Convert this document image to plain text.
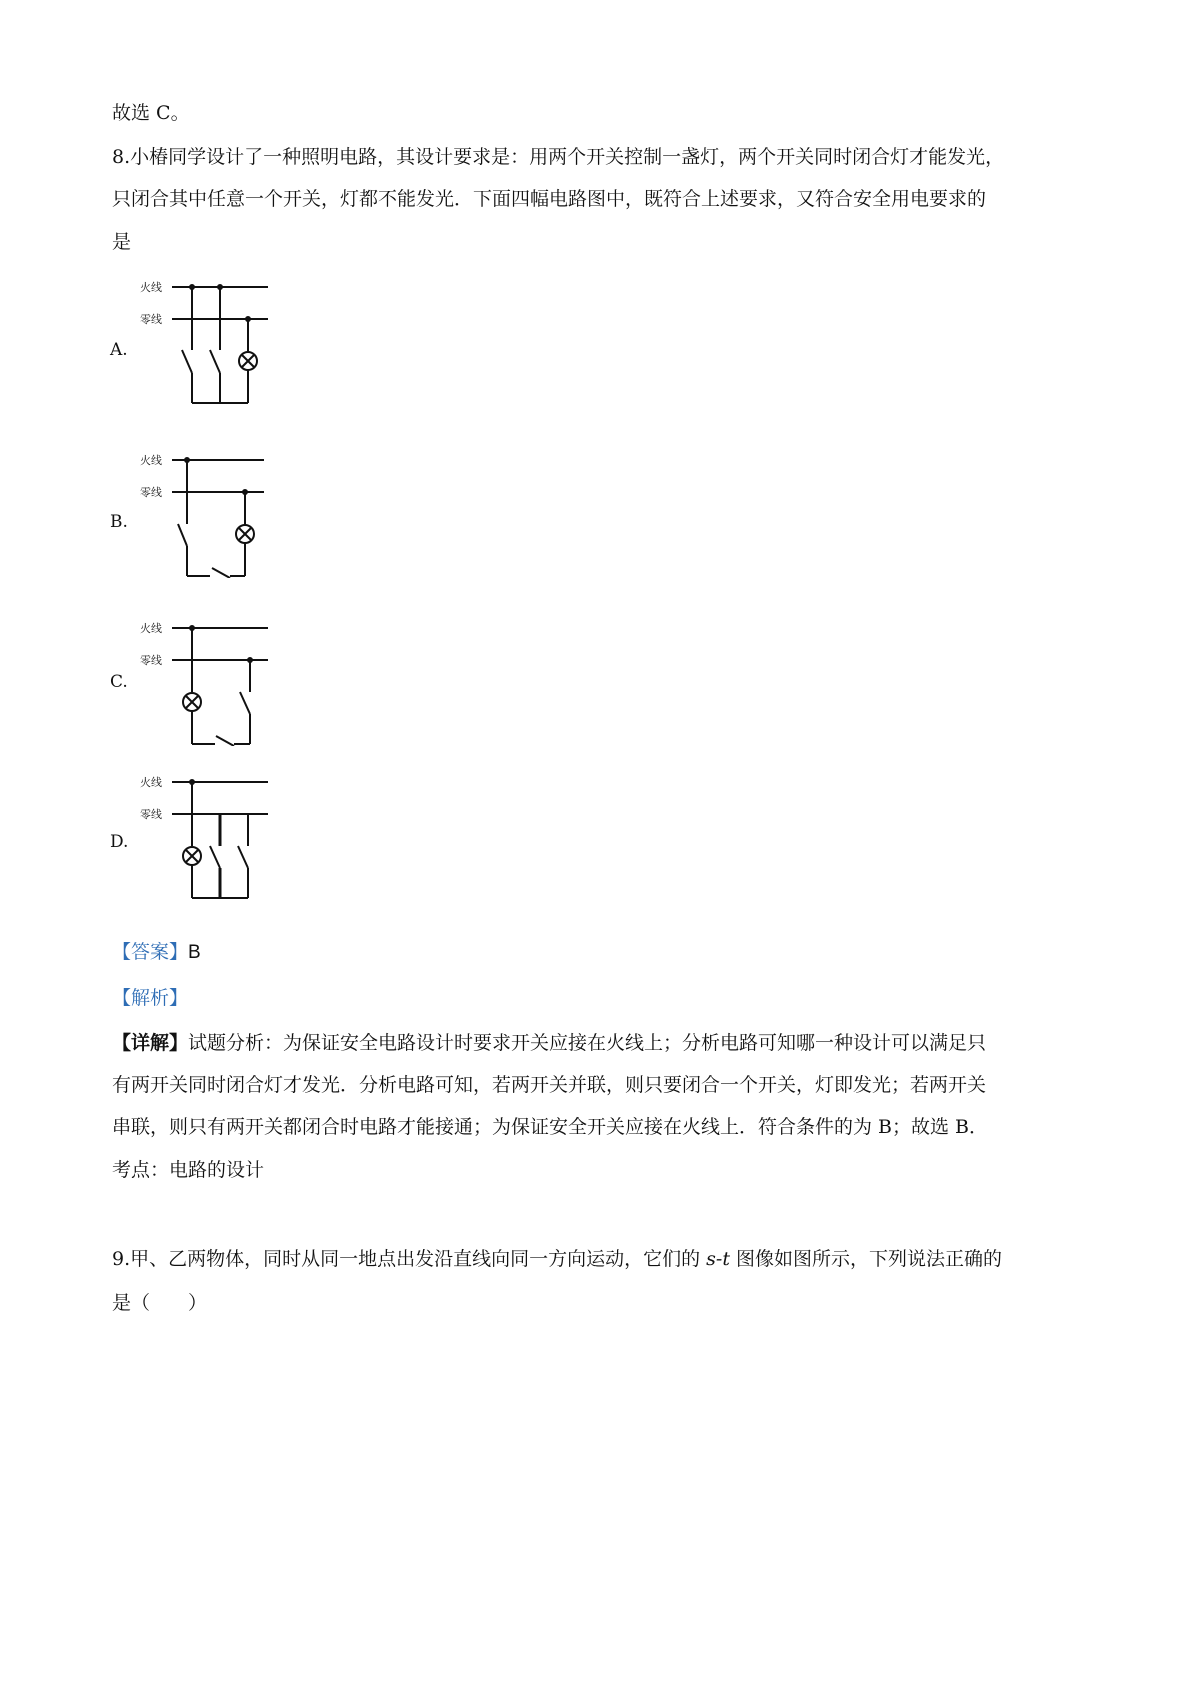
故选 C。
8.小椿同学设计了一种照明电路，其设计要求是：用两个开关控制一盏灯，两个开关同时闭合灯才能发光，
只闭合其中任意一个开关，灯都不能发光．下面四幅电路图中，既符合上述要求，又符合安全用电要求的
是
A.
火线
零线
B.
火线
零线
C.
火线
零线
D.
火线
零线
【答案】B
【解析】
【详解】试题分析：为保证安全电路设计时要求开关应接在火线上；分析电路可知哪一种设计可以满足只
有两开关同时闭合灯才发光．分析电路可知，若两开关并联，则只要闭合一个开关，灯即发光；若两开关
串联，则只有两开关都闭合时电路才能接通；为保证安全开关应接在火线上．符合条件的为 B；故选 B．
考点：电路的设计
9.甲、乙两物体，同时从同一地点出发沿直线向同一方向运动，它们的 s-t 图像如图所示，下列说法正确的
是（　　）
